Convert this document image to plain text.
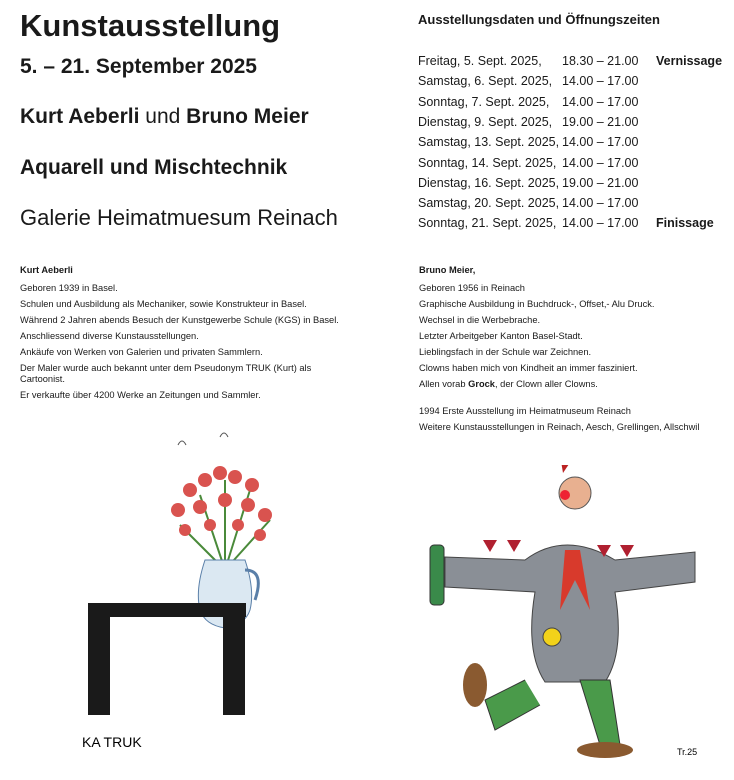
Kunstausstellung

5. – 21. September 2025

Kurt Aeberli und Bruno Meier

Aquarell und Mischtechnik

Galerie Heimatmuesum Reinach
Ausstellungsdaten und Öffnungszeiten
Freitag, 5. Sept. 2025, 18.30 – 21.00 Vernissage
Samstag, 6. Sept. 2025, 14.00 – 17.00
Sonntag, 7. Sept. 2025, 14.00 – 17.00
Dienstag, 9. Sept. 2025, 19.00 – 21.00
Samstag, 13. Sept. 2025, 14.00 – 17.00
Sonntag, 14. Sept. 2025, 14.00 – 17.00
Dienstag, 16. Sept. 2025, 19.00 – 21.00
Samstag, 20. Sept. 2025, 14.00 – 17.00
Sonntag, 21. Sept. 2025, 14.00 – 17.00 Finissage

Kurt Aeberli

Geboren 1939 in Basel.

Schulen und Ausbildung als Mechaniker, sowie Konstrukteur in Basel.

Während 2 Jahren abends Besuch der Kunstgewerbe Schule (KGS) in Basel.

Anschliessend diverse Kunstausstellungen.

Ankäufe von Werken von Galerien und privaten Sammlern.

Der Maler wurde auch bekannt unter dem Pseudonym TRUK (Kurt) als Cartoonist.

Er verkaufte über 4200 Werke an Zeitungen und Sammler.

Bruno Meier,

Geboren 1956 in Reinach

Graphische Ausbildung in Buchdruck-, Offset,- Alu Druck.

Wechsel in die Werbebrache.

Letzter Arbeitgeber Kanton Basel-Stadt.

Lieblingsfach in der Schule war Zeichnen.

Clowns haben mich von Kindheit an immer fasziniert.

Allen vorab Grock, der Clown aller Clowns.

1994 Erste Ausstellung im Heimatmuseum Reinach

Weitere Kunstausstellungen in Reinach, Aesch, Grellingen, Allschwil

KA TRUK
Tr.25
